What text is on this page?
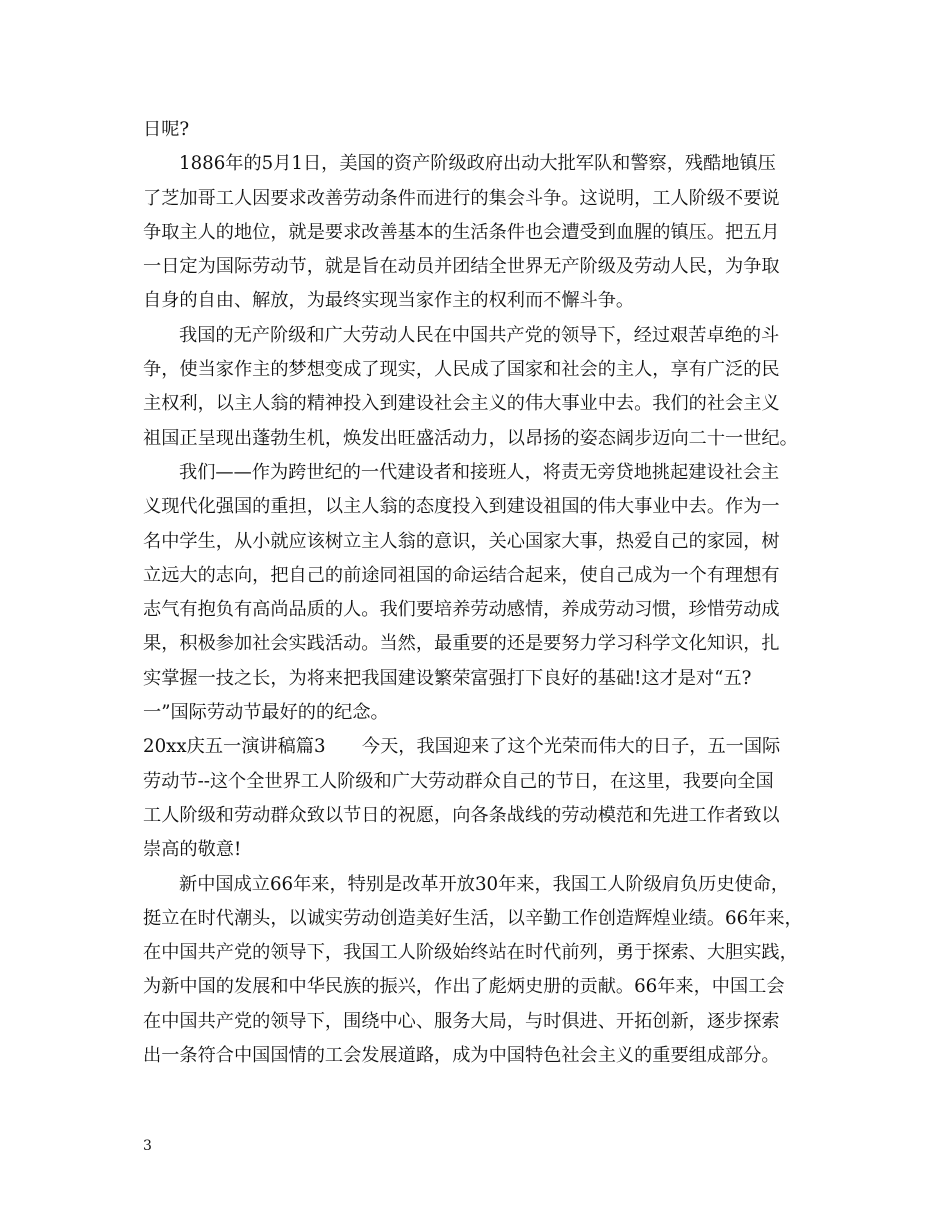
日呢?
1886年的5月1日，美国的资产阶级政府出动大批军队和警察，残酷地镇压
了芝加哥工人因要求改善劳动条件而进行的集会斗争。这说明，工人阶级不要说
争取主人的地位，就是要求改善基本的生活条件也会遭受到血腥的镇压。把五月
一日定为国际劳动节，就是旨在动员并团结全世界无产阶级及劳动人民，为争取
自身的自由、解放，为最终实现当家作主的权利而不懈斗争。
我国的无产阶级和广大劳动人民在中国共产党的领导下，经过艰苦卓绝的斗
争，使当家作主的梦想变成了现实，人民成了国家和社会的主人，享有广泛的民
主权利，以主人翁的精神投入到建设社会主义的伟大事业中去。我们的社会主义
祖国正呈现出蓬勃生机，焕发出旺盛活动力，以昂扬的姿态阔步迈向二十一世纪。
我们——作为跨世纪的一代建设者和接班人，将责无旁贷地挑起建设社会主
义现代化强国的重担，以主人翁的态度投入到建设祖国的伟大事业中去。作为一
名中学生，从小就应该树立主人翁的意识，关心国家大事，热爱自己的家园，树
立远大的志向，把自己的前途同祖国的命运结合起来，使自己成为一个有理想有
志气有抱负有高尚品质的人。我们要培养劳动感情，养成劳动习惯，珍惜劳动成
果，积极参加社会实践活动。当然，最重要的还是要努力学习科学文化知识，扎
实掌握一技之长，为将来把我国建设繁荣富强打下良好的基础!这才是对“五?
一”国际劳动节最好的的纪念。
20xx庆五一演讲稿篇3　　今天，我国迎来了这个光荣而伟大的日子，五一国际
劳动节--这个全世界工人阶级和广大劳动群众自己的节日，在这里，我要向全国
工人阶级和劳动群众致以节日的祝愿，向各条战线的劳动模范和先进工作者致以
崇高的敬意!
新中国成立66年来，特别是改革开放30年来，我国工人阶级肩负历史使命，
挺立在时代潮头，以诚实劳动创造美好生活，以辛勤工作创造辉煌业绩。66年来，
在中国共产党的领导下，我国工人阶级始终站在时代前列，勇于探索、大胆实践，
为新中国的发展和中华民族的振兴，作出了彪炳史册的贡献。66年来，中国工会
在中国共产党的领导下，围绕中心、服务大局，与时俱进、开拓创新，逐步探索
出一条符合中国国情的工会发展道路，成为中国特色社会主义的重要组成部分。
3
